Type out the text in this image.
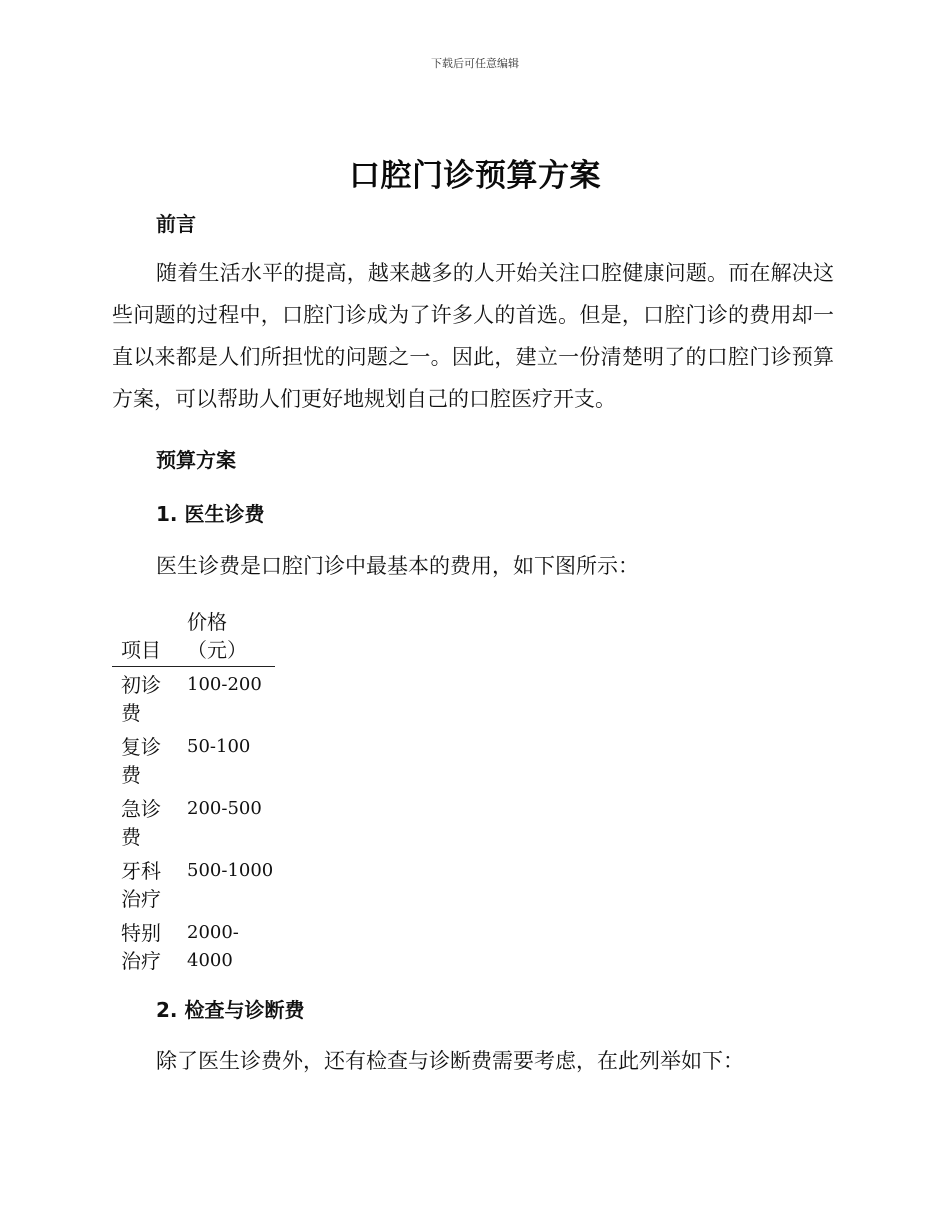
下载后可任意编辑
口腔门诊预算方案
前言

随着生活水平的提高，越来越多的人开始关注口腔健康问题。而在解决这些问题的过程中，口腔门诊成为了许多人的首选。但是，口腔门诊的费用却一直以来都是人们所担忧的问题之一。因此，建立一份清楚明了的口腔门诊预算方案，可以帮助人们更好地规划自己的口腔医疗开支。

预算方案
1. 医生诊费

医生诊费是口腔门诊中最基本的费用，如下图所示：

项目	价格（元）
初诊费	100-200
复诊费	50-100
急诊费	200-500
牙科治疗	500-1000
特别治疗	2000-4000
2. 检查与诊断费

除了医生诊费外，还有检查与诊断费需要考虑，在此列举如下：
